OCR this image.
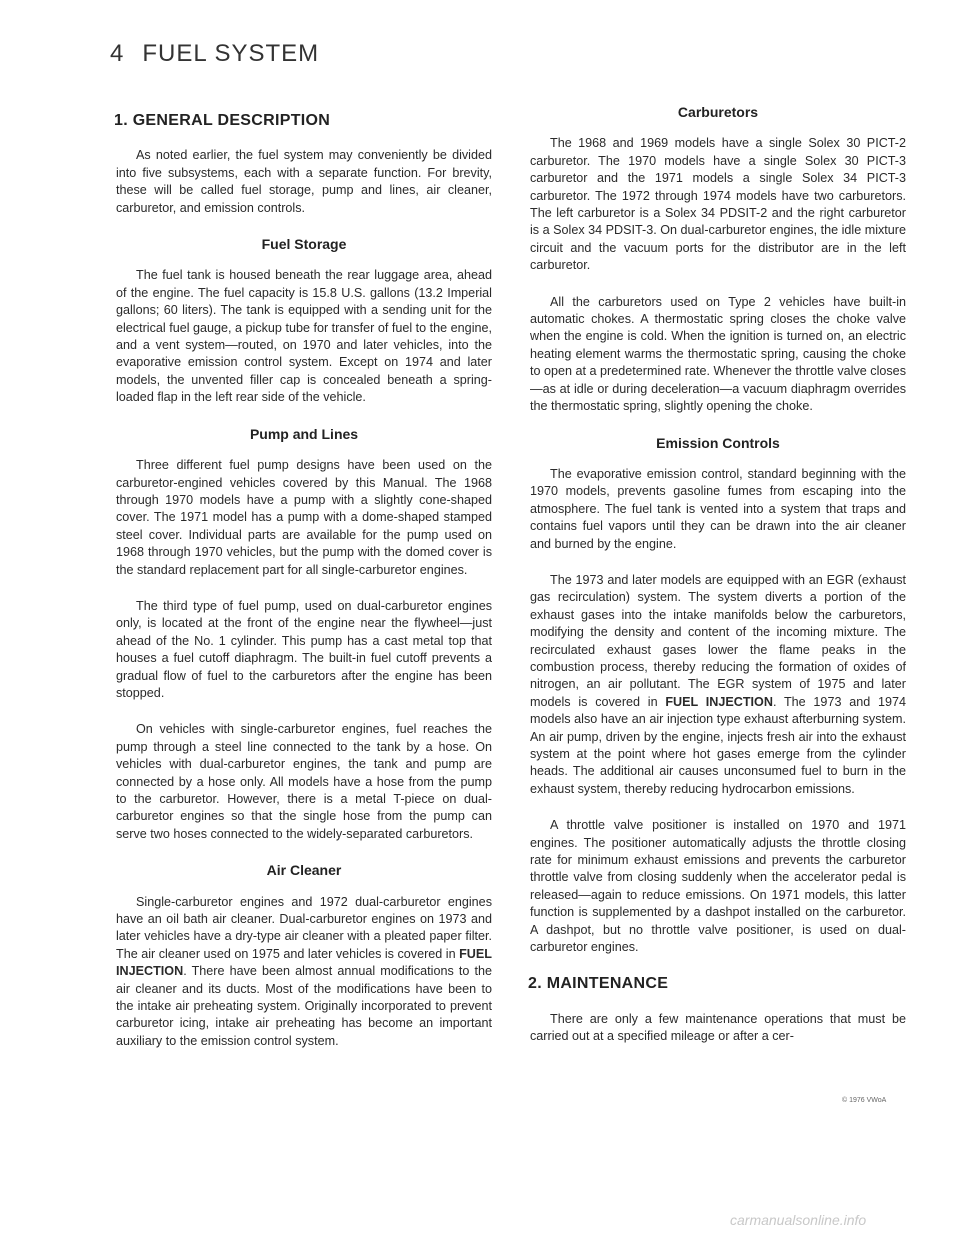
4 FUEL SYSTEM
1. GENERAL DESCRIPTION

As noted earlier, the fuel system may conveniently be divided into five subsystems, each with a separate function. For brevity, these will be called fuel storage, pump and lines, air cleaner, carburetor, and emission controls.

Fuel Storage

The fuel tank is housed beneath the rear luggage area, ahead of the engine. The fuel capacity is 15.8 U.S. gallons (13.2 Imperial gallons; 60 liters). The tank is equipped with a sending unit for the electrical fuel gauge, a pickup tube for transfer of fuel to the engine, and a vent system—routed, on 1970 and later vehicles, into the evaporative emission control system. Except on 1974 and later models, the unvented filler cap is concealed beneath a spring-loaded flap in the left rear side of the vehicle.

Pump and Lines

Three different fuel pump designs have been used on the carburetor-engined vehicles covered by this Manual. The 1968 through 1970 models have a pump with a slightly cone-shaped cover. The 1971 model has a pump with a dome-shaped stamped steel cover. Individual parts are available for the pump used on 1968 through 1970 vehicles, but the pump with the domed cover is the standard replacement part for all single-carburetor engines.

The third type of fuel pump, used on dual-carburetor engines only, is located at the front of the engine near the flywheel—just ahead of the No. 1 cylinder. This pump has a cast metal top that houses a fuel cutoff diaphragm. The built-in fuel cutoff prevents a gradual flow of fuel to the carburetors after the engine has been stopped.

On vehicles with single-carburetor engines, fuel reaches the pump through a steel line connected to the tank by a hose. On vehicles with dual-carburetor engines, the tank and pump are connected by a hose only. All models have a hose from the pump to the carburetor. However, there is a metal T-piece on dual-carburetor engines so that the single hose from the pump can serve two hoses connected to the widely-separated carburetors.

Air Cleaner

Single-carburetor engines and 1972 dual-carburetor engines have an oil bath air cleaner. Dual-carburetor engines on 1973 and later vehicles have a dry-type air cleaner with a pleated paper filter. The air cleaner used on 1975 and later vehicles is covered in FUEL INJECTION. There have been almost annual modifications to the air cleaner and its ducts. Most of the modifications have been to the intake air preheating system. Originally incorporated to prevent carburetor icing, intake air preheating has become an important auxiliary to the emission control system.

Carburetors

The 1968 and 1969 models have a single Solex 30 PICT-2 carburetor. The 1970 models have a single Solex 30 PICT-3 carburetor and the 1971 models a single Solex 34 PICT-3 carburetor. The 1972 through 1974 models have two carburetors. The left carburetor is a Solex 34 PDSIT-2 and the right carburetor is a Solex 34 PDSIT-3. On dual-carburetor engines, the idle mixture circuit and the vacuum ports for the distributor are in the left carburetor.

All the carburetors used on Type 2 vehicles have built-in automatic chokes. A thermostatic spring closes the choke valve when the engine is cold. When the ignition is turned on, an electric heating element warms the thermostatic spring, causing the choke to open at a predetermined rate. Whenever the throttle valve closes—as at idle or during deceleration—a vacuum diaphragm overrides the thermostatic spring, slightly opening the choke.

Emission Controls

The evaporative emission control, standard beginning with the 1970 models, prevents gasoline fumes from escaping into the atmosphere. The fuel tank is vented into a system that traps and contains fuel vapors until they can be drawn into the air cleaner and burned by the engine.

The 1973 and later models are equipped with an EGR (exhaust gas recirculation) system. The system diverts a portion of the exhaust gases into the intake manifolds below the carburetors, modifying the density and content of the incoming mixture. The recirculated exhaust gases lower the flame peaks in the combustion process, thereby reducing the formation of oxides of nitrogen, an air pollutant. The EGR system of 1975 and later models is covered in FUEL INJECTION. The 1973 and 1974 models also have an air injection type exhaust afterburning system. An air pump, driven by the engine, injects fresh air into the exhaust system at the point where hot gases emerge from the cylinder heads. The additional air causes unconsumed fuel to burn in the exhaust system, thereby reducing hydrocarbon emissions.

A throttle valve positioner is installed on 1970 and 1971 engines. The positioner automatically adjusts the throttle closing rate for minimum exhaust emissions and prevents the carburetor throttle valve from closing suddenly when the accelerator pedal is released—again to reduce emissions. On 1971 models, this latter function is supplemented by a dashpot installed on the carburetor. A dashpot, but no throttle valve positioner, is used on dual-carburetor engines.

2. MAINTENANCE

There are only a few maintenance operations that must be carried out at a specified mileage or after a cer-

© 1976 VWoA
carmanualsonline.info
